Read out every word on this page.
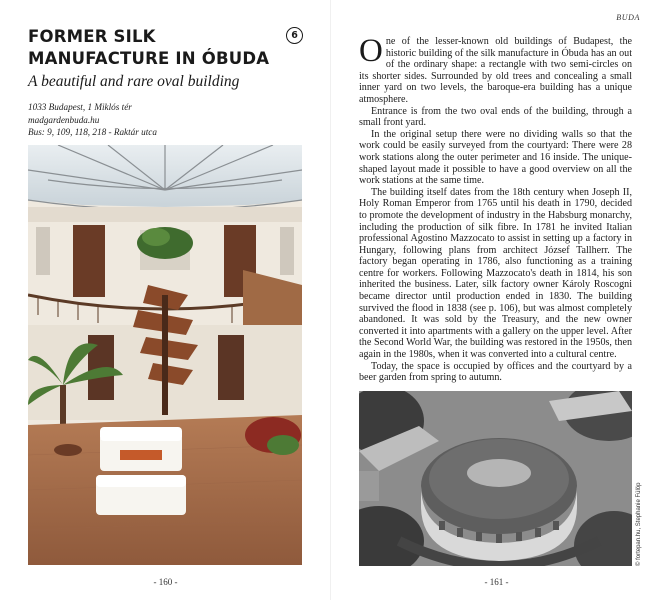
FORMER SILK MANUFACTURE IN ÓBUDA
6
A beautiful and rare oval building
1033 Budapest, 1 Miklós tér
madgardenbuda.hu
Bus: 9, 109, 118, 218 - Raktár utca
- 160 -
BUDA

One of the lesser-known old buildings of Budapest, the historic building of the silk manufacture in Óbuda has an out of the ordinary shape: a rectangle with two semi-circles on its shorter sides. Surrounded by old trees and concealing a small inner yard on two levels, the baroque-era building has a unique atmosphere.

Entrance is from the two oval ends of the building, through a small front yard.

In the original setup there were no dividing walls so that the work could be easily surveyed from the courtyard: There were 28 work stations along the outer perimeter and 16 inside. The unique-shaped layout made it possible to have a good overview on all the work stations at the same time.

The building itself dates from the 18th century when Joseph II, Holy Roman Emperor from 1765 until his death in 1790, decided to promote the development of industry in the Habsburg monarchy, including the production of silk fibre. In 1781 he invited Italian professional Agostino Mazzocato to assist in setting up a factory in Hungary, following plans from architect József Tallherr. The factory began operating in 1786, also functioning as a training centre for workers. Following Mazzocato's death in 1814, his son inherited the business. Later, silk factory owner Károly Roscogni became director until production ended in 1830. The building survived the flood in 1838 (see p. 106), but was almost completely abandoned. It was sold by the Treasury, and the new owner converted it into apartments with a gallery on the upper level. After the Second World War, the building was restored in the 1950s, then again in the 1980s, when it was converted into a cultural centre.

Today, the space is occupied by offices and the courtyard by a beer garden from spring to autumn.

© fortepan.hu, Stephanie Fülöp
- 161 -
